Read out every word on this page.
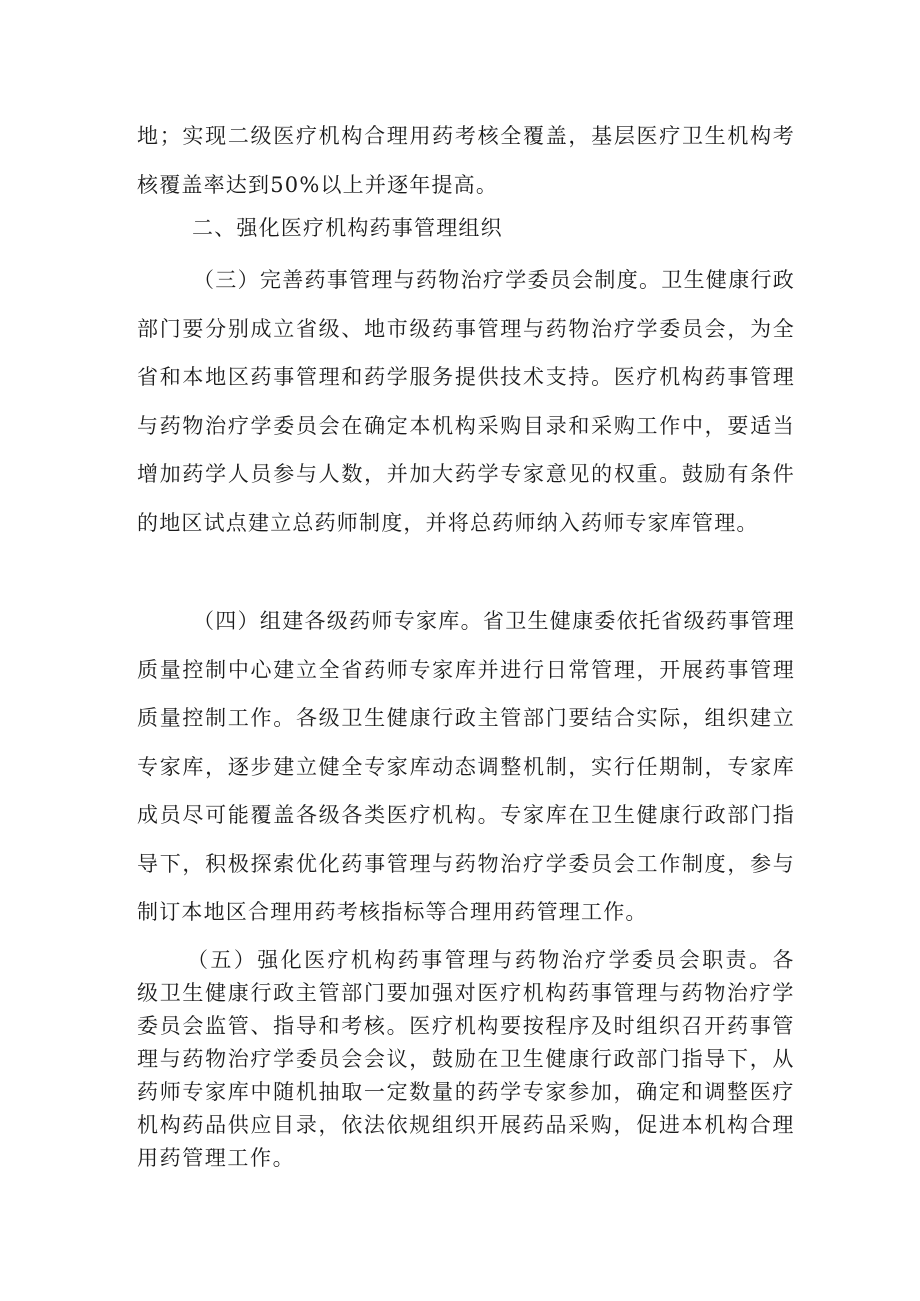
地；实现二级医疗机构合理用药考核全覆盖，基层医疗卫生机构考核覆盖率达到50%以上并逐年提高。

二、强化医疗机构药事管理组织

（三）完善药事管理与药物治疗学委员会制度。卫生健康行政部门要分别成立省级、地市级药事管理与药物治疗学委员会，为全省和本地区药事管理和药学服务提供技术支持。医疗机构药事管理与药物治疗学委员会在确定本机构采购目录和采购工作中，要适当增加药学人员参与人数，并加大药学专家意见的权重。鼓励有条件的地区试点建立总药师制度，并将总药师纳入药师专家库管理。

（四）组建各级药师专家库。省卫生健康委依托省级药事管理质量控制中心建立全省药师专家库并进行日常管理，开展药事管理质量控制工作。各级卫生健康行政主管部门要结合实际，组织建立专家库，逐步建立健全专家库动态调整机制，实行任期制，专家库成员尽可能覆盖各级各类医疗机构。专家库在卫生健康行政部门指导下，积极探索优化药事管理与药物治疗学委员会工作制度，参与制订本地区合理用药考核指标等合理用药管理工作。

（五）强化医疗机构药事管理与药物治疗学委员会职责。各级卫生健康行政主管部门要加强对医疗机构药事管理与药物治疗学委员会监管、指导和考核。医疗机构要按程序及时组织召开药事管理与药物治疗学委员会会议，鼓励在卫生健康行政部门指导下，从药师专家库中随机抽取一定数量的药学专家参加，确定和调整医疗机构药品供应目录，依法依规组织开展药品采购，促进本机构合理用药管理工作。
